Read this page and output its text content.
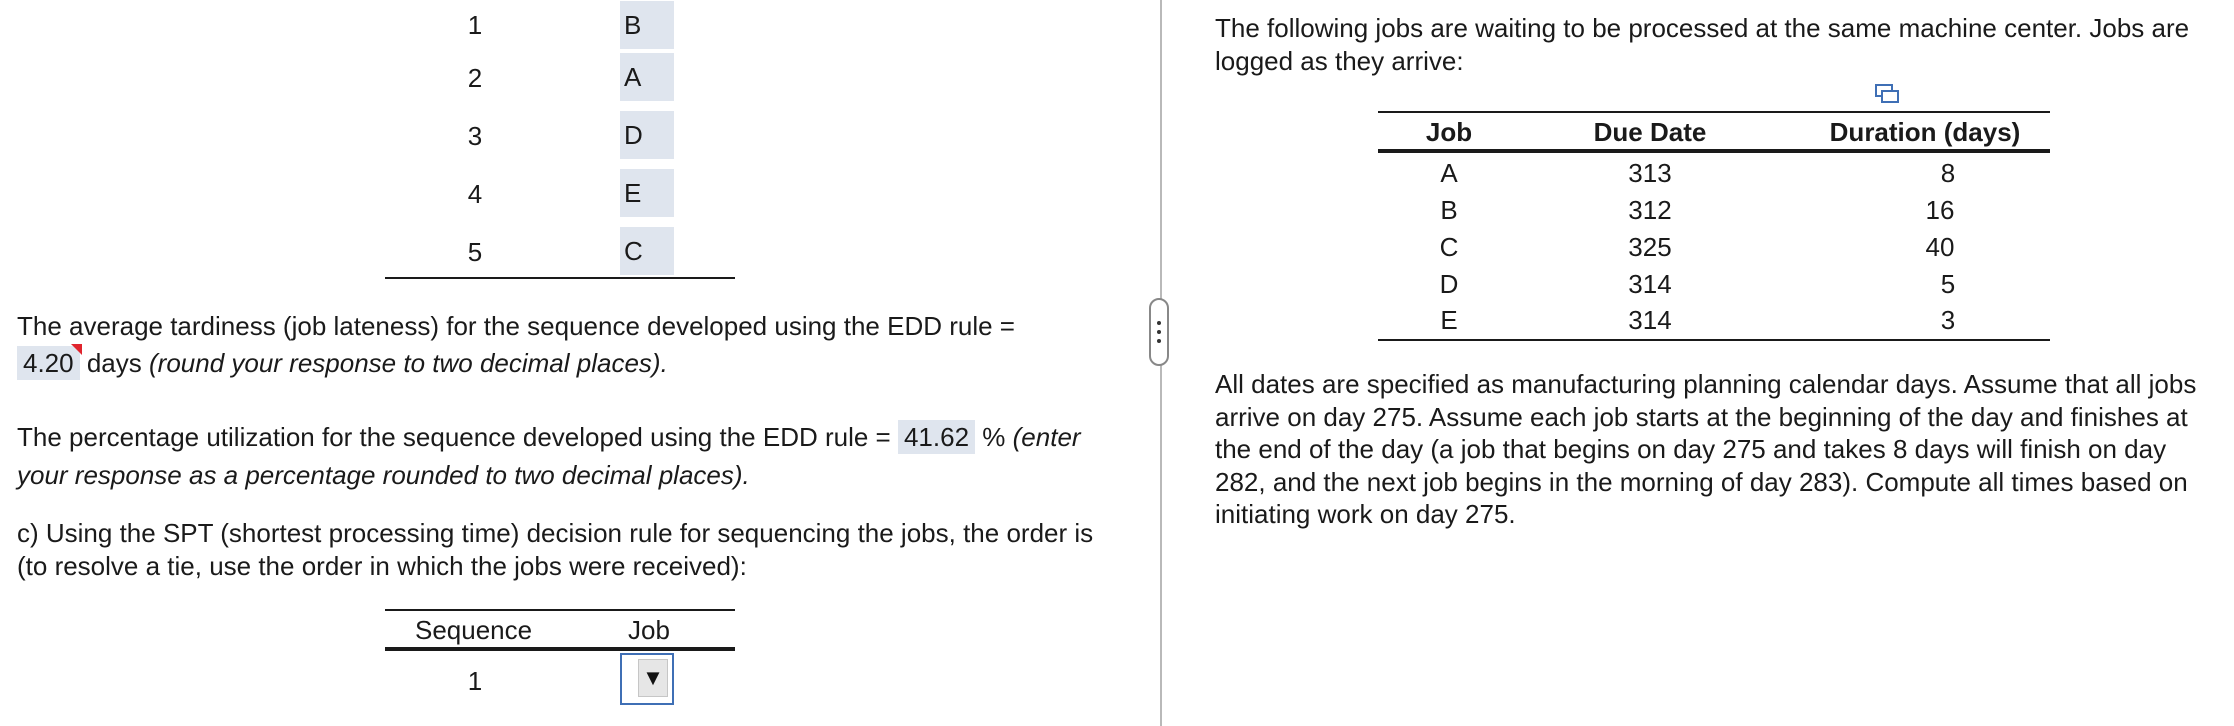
1	B
2	A
3	D
4	E
5	C
The average tardiness (job lateness) for the sequence developed using the EDD rule =
4.20 days (round your response to two decimal places).
The percentage utilization for the sequence developed using the EDD rule = 41.62 % (enter your response as a percentage rounded to two decimal places).
c) Using the SPT (shortest processing time) decision rule for sequencing the jobs, the order is (to resolve a tie, use the order in which the jobs were received):
Sequence	Job
1	▼
The following jobs are waiting to be processed at the same machine center. Jobs are logged as they arrive:
Job	Due Date	Duration (days)
A	313	8
B	312	16
C	325	40
D	314	5
E	314	3
All dates are specified as manufacturing planning calendar days. Assume that all jobs arrive on day 275. Assume each job starts at the beginning of the day and finishes at the end of the day (a job that begins on day 275 and takes 8 days will finish on day 282, and the next job begins in the morning of day 283). Compute all times based on initiating work on day 275.
